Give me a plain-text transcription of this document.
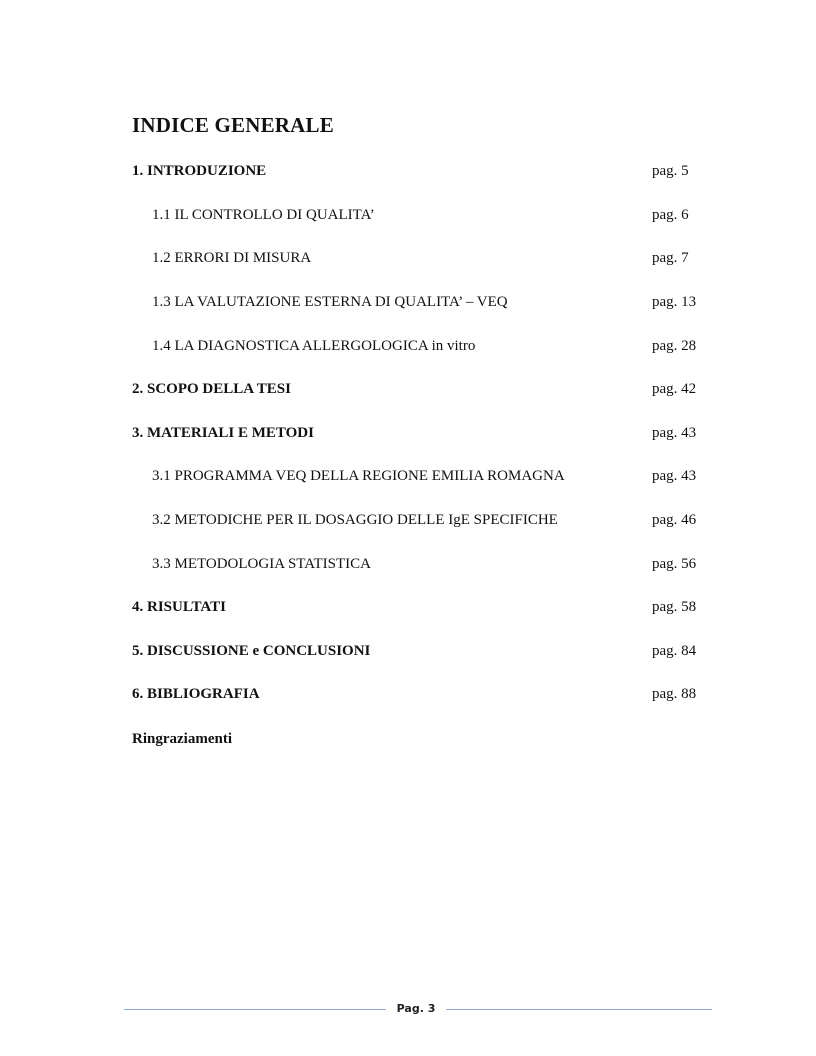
INDICE GENERALE
1. INTRODUZIONE	pag. 5
1.1 IL CONTROLLO DI QUALITA’	pag. 6
1.2 ERRORI DI MISURA	pag. 7
1.3 LA VALUTAZIONE ESTERNA DI QUALITA’ – VEQ	pag. 13
1.4 LA DIAGNOSTICA ALLERGOLOGICA in vitro	pag. 28
2. SCOPO DELLA TESI	pag. 42
3. MATERIALI E METODI	pag. 43
3.1 PROGRAMMA VEQ DELLA REGIONE EMILIA ROMAGNA	pag. 43
3.2 METODICHE PER IL DOSAGGIO DELLE IgE SPECIFICHE	pag. 46
3.3 METODOLOGIA STATISTICA	pag. 56
4. RISULTATI	pag. 58
5. DISCUSSIONE e CONCLUSIONI	pag. 84
6. BIBLIOGRAFIA	pag. 88
Ringraziamenti
Pag. 3
